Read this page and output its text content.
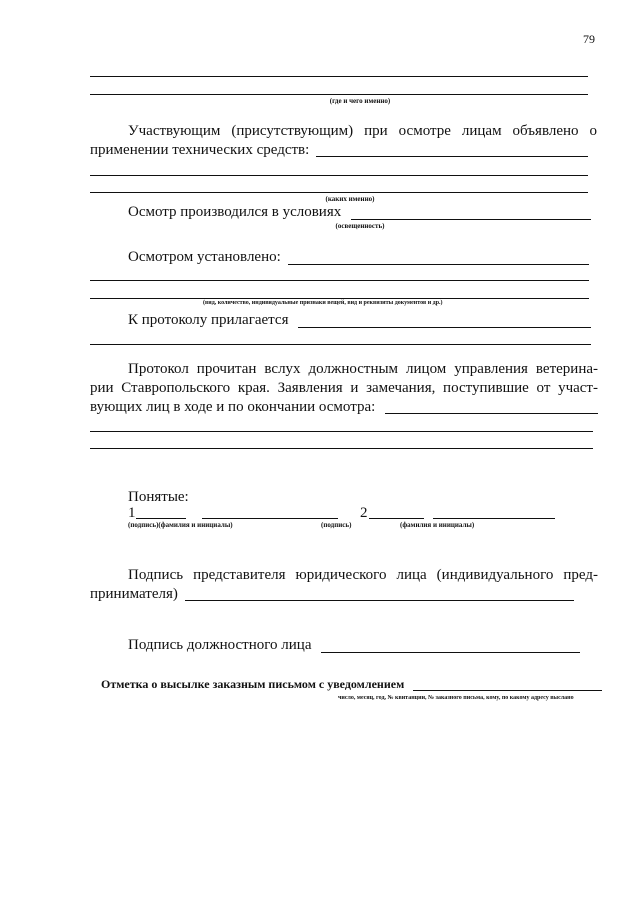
79
(где и чего именно)
Участвующим (присутствующим) при осмотре лицам объявлено о
применении технических средств:
(каких именно)
Осмотр производился в условиях
(освещенность)
Осмотром установлено:
(вид, количество, индивидуальные признаки вещей, вид и реквизиты документов и др.)
К протоколу прилагается
Протокол прочитан вслух должностным лицом управления ветерина-
рии Ставропольского края. Заявления и замечания, поступившие от участ-
вующих лиц в ходе и по окончании осмотра:
Понятые:
1	2
(подпись)(фамилия и инициалы)	(подпись)	(фамилия и инициалы)
Подпись представителя юридического лица (индивидуального пред-
принимателя)
Подпись должностного лица
Отметка о высылке заказным письмом с уведомлением
число, месяц, год, № квитанции, № заказного письма, кому, по какому адресу выслано
